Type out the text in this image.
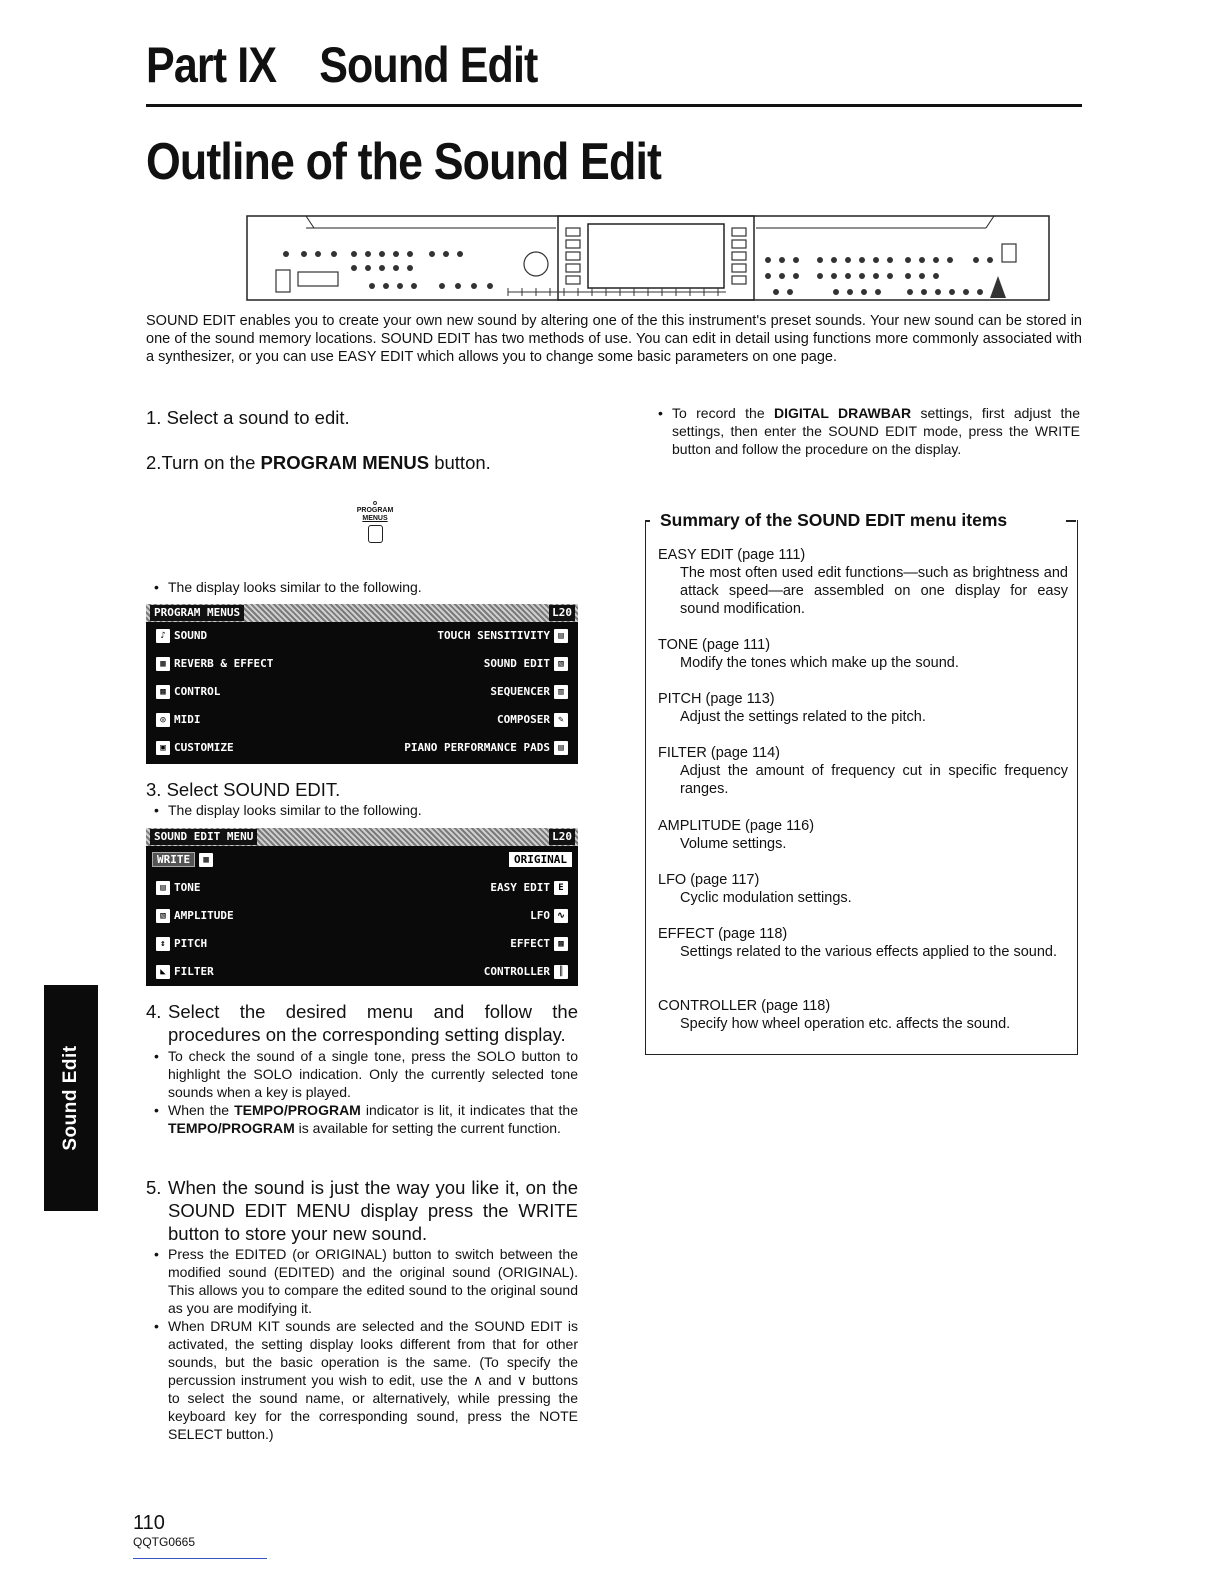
Part IX Sound Edit
Outline of the Sound Edit
SOUND EDIT enables you to create your own new sound by altering one of the this instrument's preset sounds. Your new sound can be stored in one of the sound memory locations. SOUND EDIT has two methods of use. You can edit in detail using functions more commonly associated with a synthesizer, or you can use EASY EDIT which allows you to change some basic parameters on one page.
1. Select a sound to edit.
2.Turn on the PROGRAM MENUS button.
o
PROGRAM
MENUS
• The display looks similar to the following.
PROGRAM MENUS	L20
♪ SOUND	TOUCH SENSITIVITY ▤
▦ REVERB & EFFECT	SOUND EDIT ▧
▩ CONTROL	SEQUENCER ▥
◎ MIDI	COMPOSER ✎
▣ CUSTOMIZE	PIANO PERFORMANCE PADS ▤
3. Select SOUND EDIT.
• The display looks similar to the following.
SOUND EDIT MENU	L20
WRITE ▦	ORIGINAL
▤ TONE	EASY EDIT E
▧ AMPLITUDE	LFO ∿
↕ PITCH	EFFECT ▩
◣ FILTER	CONTROLLER ║
4. Select the desired menu and follow the procedures on the corresponding setting display.
• To check the sound of a single tone, press the SOLO button to highlight the SOLO indication. Only the currently selected tone sounds when a key is played.
• When the TEMPO/PROGRAM indicator is lit, it indicates that the TEMPO/PROGRAM is available for setting the current function.
5. When the sound is just the way you like it, on the SOUND EDIT MENU display press the WRITE button to store your new sound.
• Press the EDITED (or ORIGINAL) button to switch between the modified sound (EDITED) and the original sound (ORIGINAL). This allows you to compare the edited sound to the original sound as you are modifying it.
• When DRUM KIT sounds are selected and the SOUND EDIT is activated, the setting display looks different from that for other sounds, but the basic operation is the same. (To specify the percussion instrument you wish to edit, use the ∧ and ∨ buttons to select the sound name, or alternatively, while pressing the keyboard key for the corresponding sound, press the NOTE SELECT button.)
• To record the DIGITAL DRAWBAR settings, first adjust the settings, then enter the SOUND EDIT mode, press the WRITE button and follow the procedure on the display.
Summary of the SOUND EDIT menu items
EASY EDIT (page 111)
The most often used edit functions—such as brightness and attack speed—are assembled on one display for easy sound modification.
TONE (page 111)
Modify the tones which make up the sound.
PITCH (page 113)
Adjust the settings related to the pitch.
FILTER (page 114)
Adjust the amount of frequency cut in specific frequency ranges.
AMPLITUDE (page 116)
Volume settings.
LFO (page 117)
Cyclic modulation settings.
EFFECT (page 118)
Settings related to the various effects applied to the sound.
CONTROLLER (page 118)
Specify how wheel operation etc. affects the sound.
Sound Edit
110
QQTG0665
